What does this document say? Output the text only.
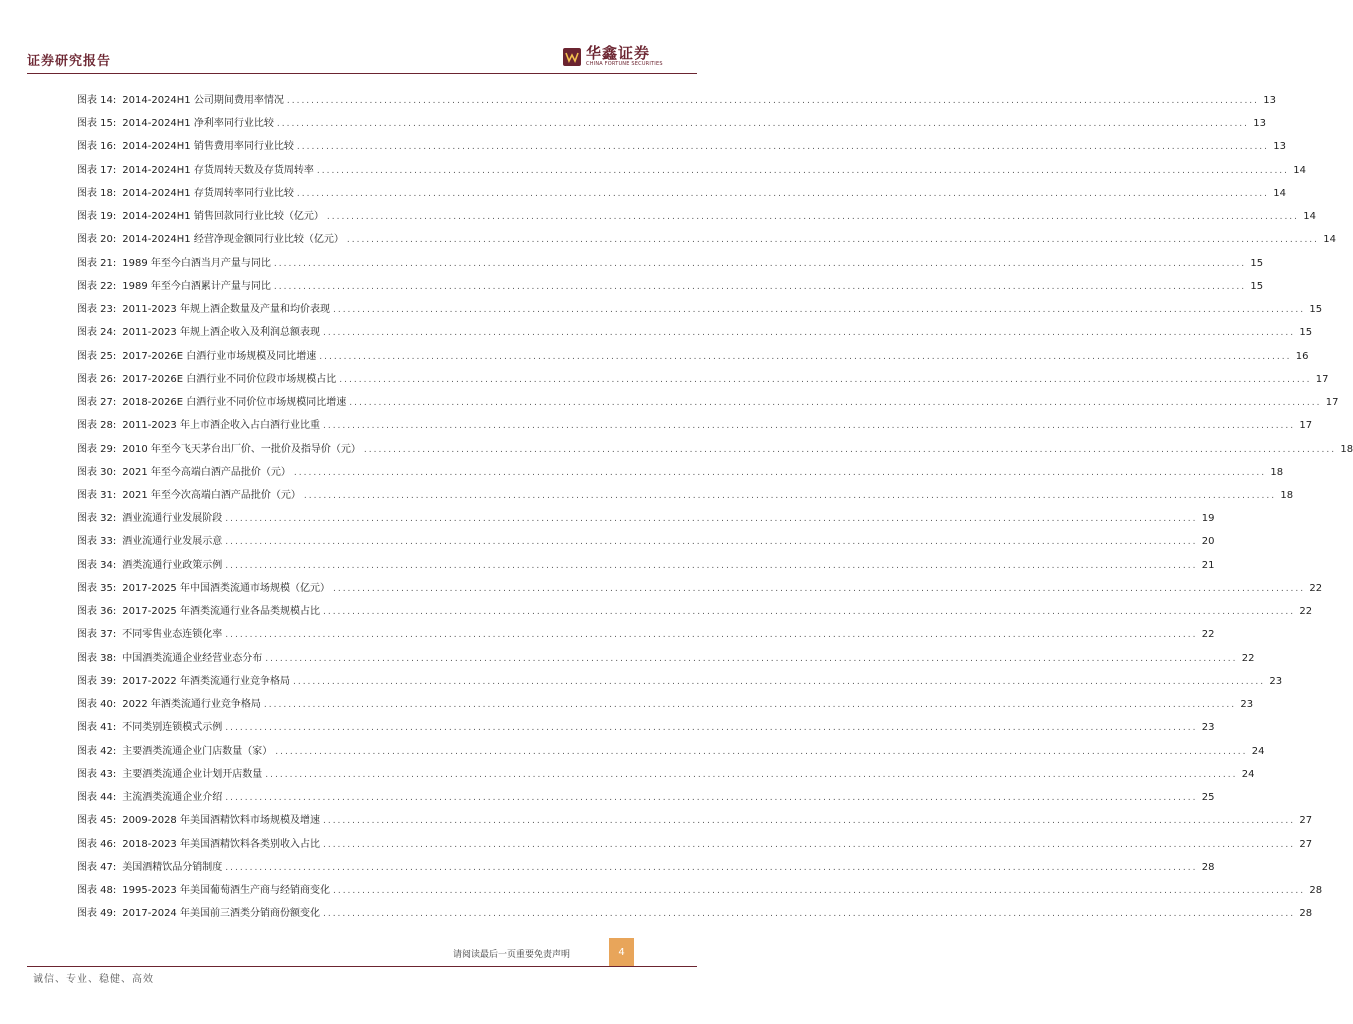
证券研究报告	华鑫证券
CHINA FORTUNE SECURITIES
图表 14: 2014-2024H1 公司期间费用率情况 ........................................................................................................................................................................................................ 13
图表 15: 2014-2024H1 净利率同行业比较 ........................................................................................................................................................................................................ 13
图表 16: 2014-2024H1 销售费用率同行业比较 ........................................................................................................................................................................................................ 13
图表 17: 2014-2024H1 存货周转天数及存货周转率 ........................................................................................................................................................................................................ 14
图表 18: 2014-2024H1 存货周转率同行业比较 ........................................................................................................................................................................................................ 14
图表 19: 2014-2024H1 销售回款同行业比较（亿元） ........................................................................................................................................................................................................ 14
图表 20: 2014-2024H1 经营净现金额同行业比较（亿元） ........................................................................................................................................................................................................ 14
图表 21: 1989 年至今白酒当月产量与同比 ........................................................................................................................................................................................................ 15
图表 22: 1989 年至今白酒累计产量与同比 ........................................................................................................................................................................................................ 15
图表 23: 2011-2023 年规上酒企数量及产量和均价表现 ........................................................................................................................................................................................................ 15
图表 24: 2011-2023 年规上酒企收入及利润总额表现 ........................................................................................................................................................................................................ 15
图表 25: 2017-2026E 白酒行业市场规模及同比增速 ........................................................................................................................................................................................................ 16
图表 26: 2017-2026E 白酒行业不同价位段市场规模占比 ........................................................................................................................................................................................................ 17
图表 27: 2018-2026E 白酒行业不同价位市场规模同比增速 ........................................................................................................................................................................................................ 17
图表 28: 2011-2023 年上市酒企收入占白酒行业比重 ........................................................................................................................................................................................................ 17
图表 29: 2010 年至今飞天茅台出厂价、一批价及指导价（元） ........................................................................................................................................................................................................ 18
图表 30: 2021 年至今高端白酒产品批价（元） ........................................................................................................................................................................................................ 18
图表 31: 2021 年至今次高端白酒产品批价（元） ........................................................................................................................................................................................................ 18
图表 32: 酒业流通行业发展阶段 ........................................................................................................................................................................................................ 19
图表 33: 酒业流通行业发展示意 ........................................................................................................................................................................................................ 20
图表 34: 酒类流通行业政策示例 ........................................................................................................................................................................................................ 21
图表 35: 2017-2025 年中国酒类流通市场规模（亿元） ........................................................................................................................................................................................................ 22
图表 36: 2017-2025 年酒类流通行业各品类规模占比 ........................................................................................................................................................................................................ 22
图表 37: 不同零售业态连锁化率 ........................................................................................................................................................................................................ 22
图表 38: 中国酒类流通企业经营业态分布 ........................................................................................................................................................................................................ 22
图表 39: 2017-2022 年酒类流通行业竞争格局 ........................................................................................................................................................................................................ 23
图表 40: 2022 年酒类流通行业竞争格局 ........................................................................................................................................................................................................ 23
图表 41: 不同类别连锁模式示例 ........................................................................................................................................................................................................ 23
图表 42: 主要酒类流通企业门店数量（家） ........................................................................................................................................................................................................ 24
图表 43: 主要酒类流通企业计划开店数量 ........................................................................................................................................................................................................ 24
图表 44: 主流酒类流通企业介绍 ........................................................................................................................................................................................................ 25
图表 45: 2009-2028 年美国酒精饮料市场规模及增速 ........................................................................................................................................................................................................ 27
图表 46: 2018-2023 年美国酒精饮料各类别收入占比 ........................................................................................................................................................................................................ 27
图表 47: 美国酒精饮品分销制度 ........................................................................................................................................................................................................ 28
图表 48: 1995-2023 年美国葡萄酒生产商与经销商变化 ........................................................................................................................................................................................................ 28
图表 49: 2017-2024 年美国前三酒类分销商份额变化 ........................................................................................................................................................................................................ 28
请阅读最后一页重要免责声明	4
诚信、专业、稳健、高效
